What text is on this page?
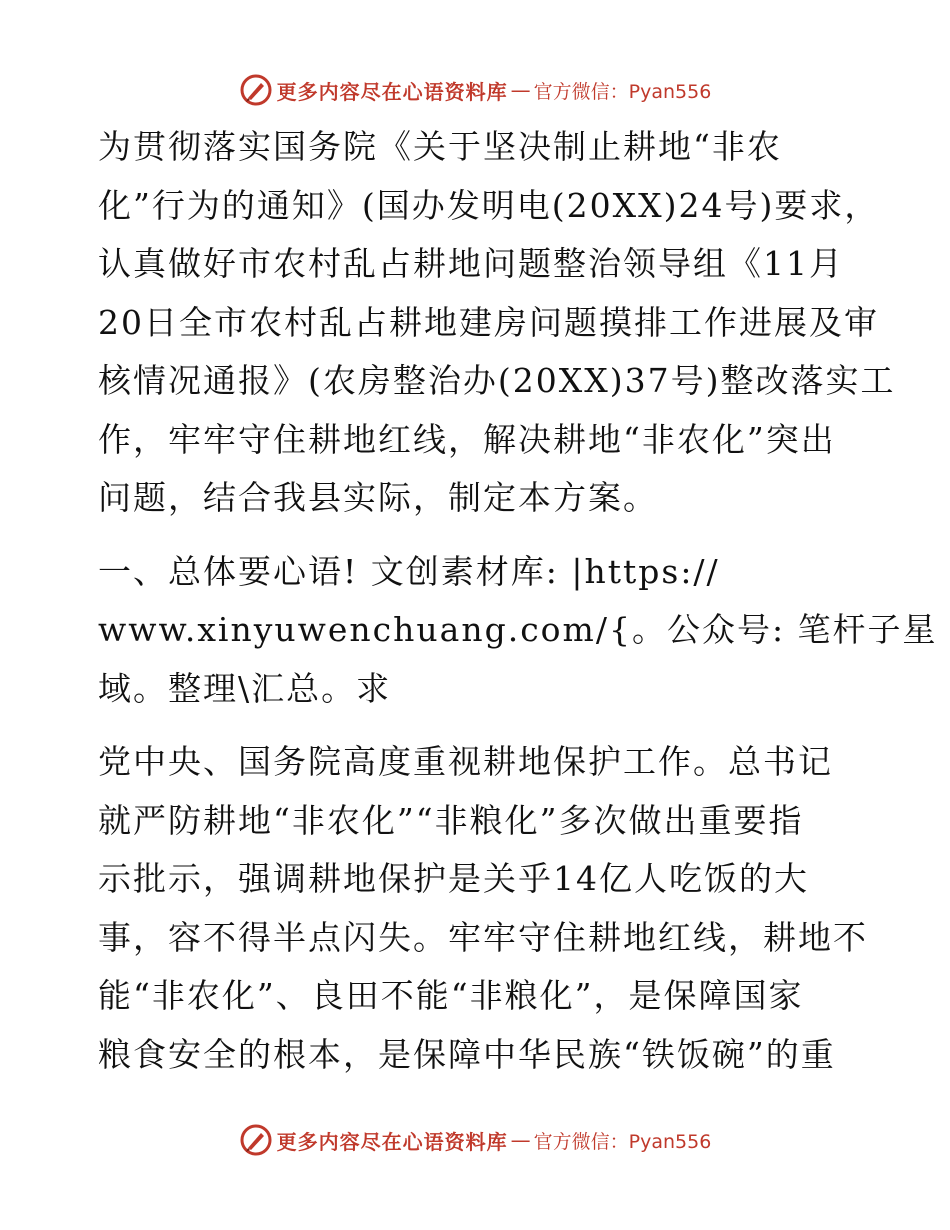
更多内容尽在心语资料库 — 官方微信：Pyan556

为贯彻落实国务院《关于坚决制止耕地“非农
化”行为的通知》(国办发明电(20XX)24号)要求，
认真做好市农村乱占耕地问题整治领导组《11月
20日全市农村乱占耕地建房问题摸排工作进展及审
核情况通报》(农房整治办(20XX)37号)整改落实工
作，牢牢守住耕地红线，解决耕地“非农化”突出
问题，结合我县实际，制定本方案。

一、总体要心语! 文创素材库: |https://
www.xinyuwenchuang.com/{。公众号: 笔杆子星
域。整理\汇总。求

党中央、国务院高度重视耕地保护工作。总书记
就严防耕地“非农化”“非粮化”多次做出重要指
示批示，强调耕地保护是关乎14亿人吃饭的大
事，容不得半点闪失。牢牢守住耕地红线，耕地不
能“非农化”、良田不能“非粮化”，是保障国家
粮食安全的根本，是保障中华民族“铁饭碗”的重

更多内容尽在心语资料库 — 官方微信：Pyan556
